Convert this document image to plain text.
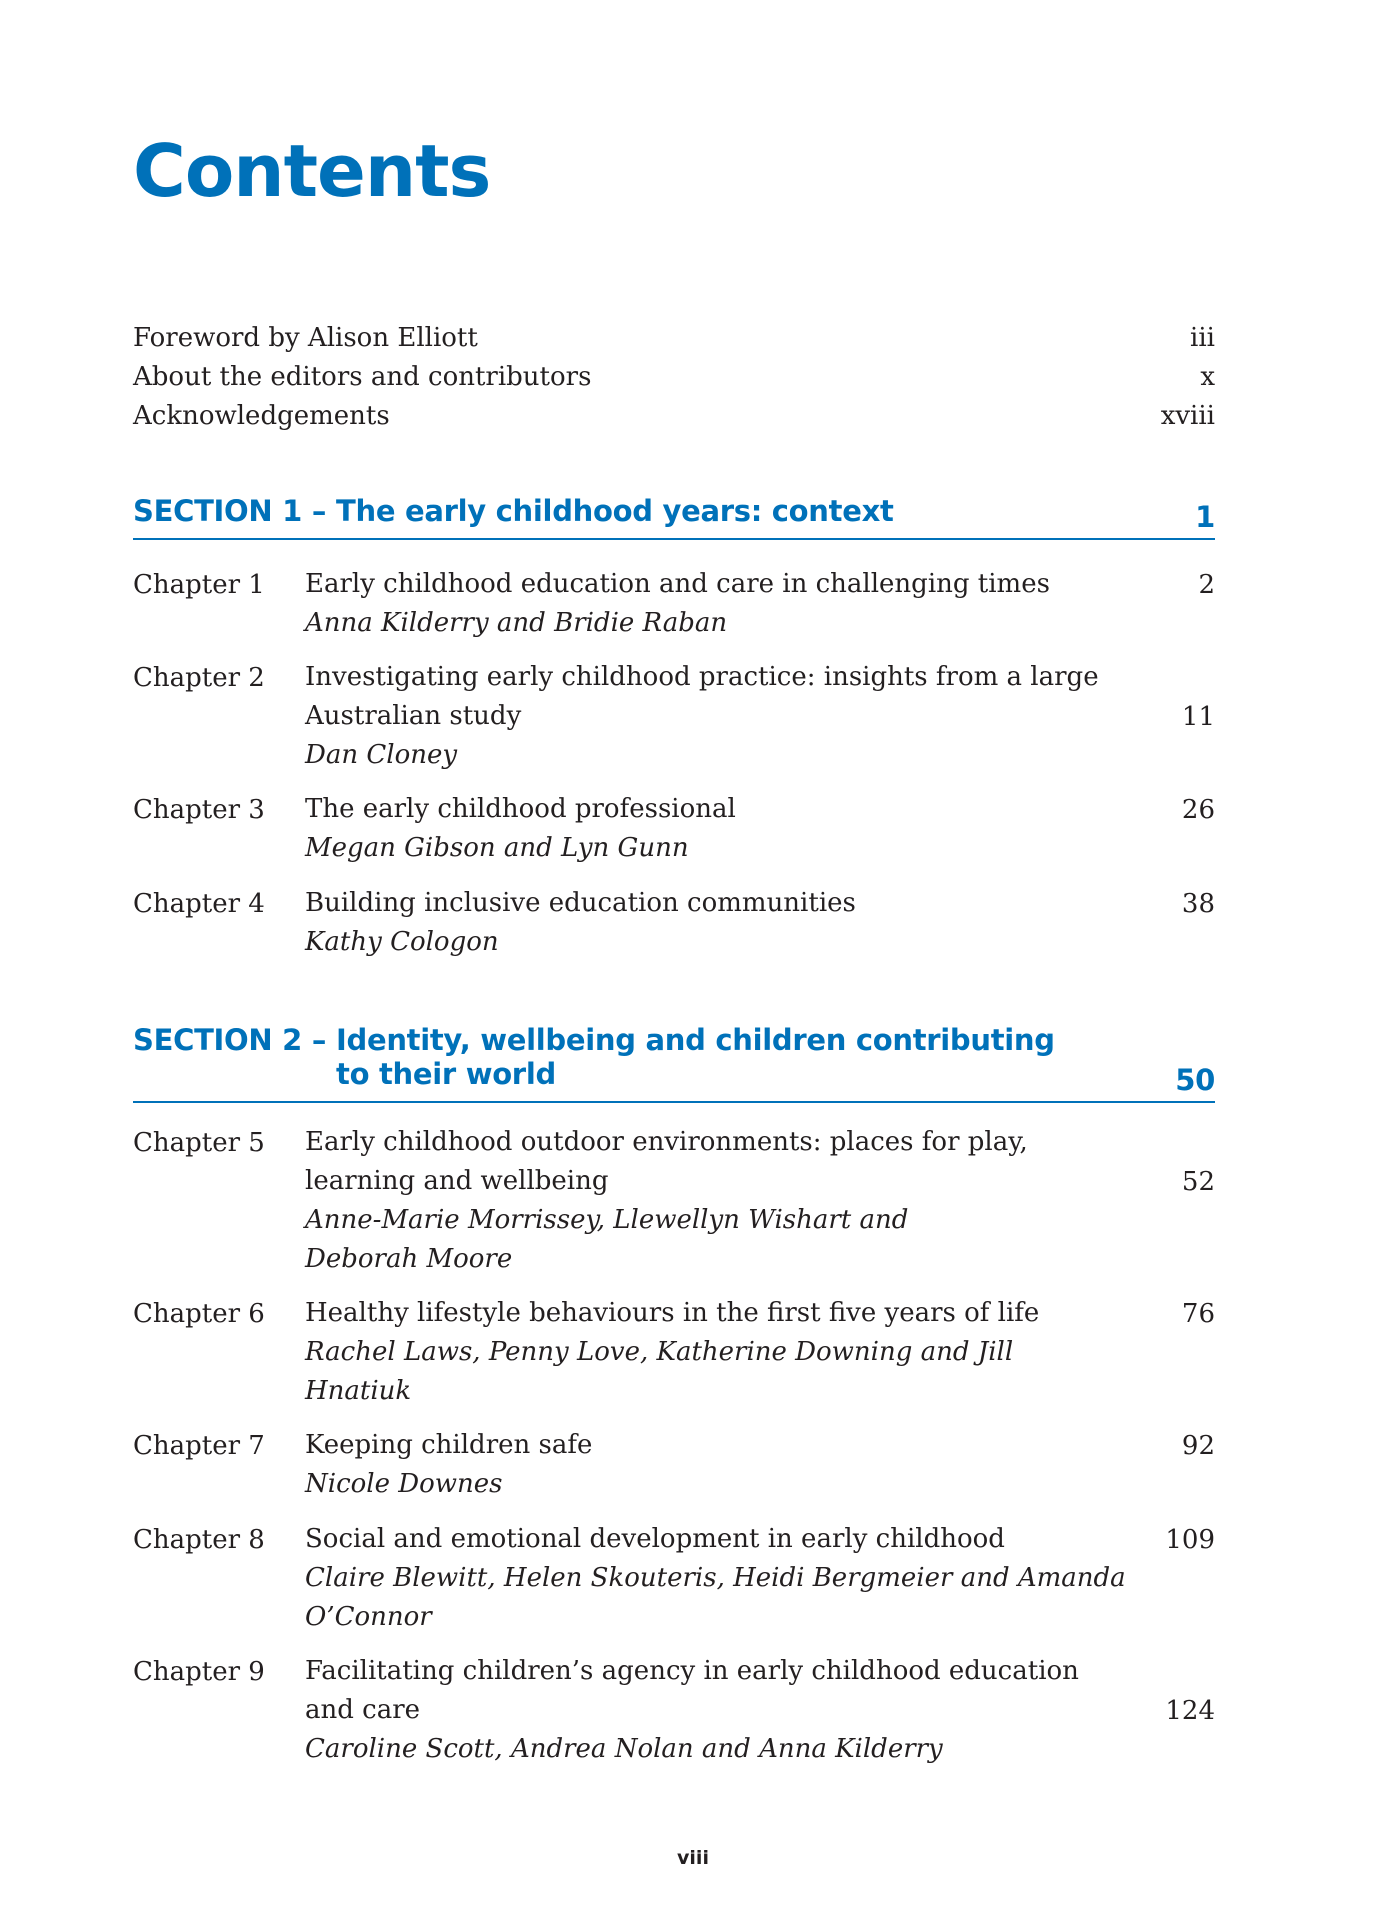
Contents
Foreword by Alison Elliott	iii
About the editors and contributors	x
Acknowledgements	xviii
SECTION 1 – The early childhood years: context	1
Chapter 1 Early childhood education and care in challenging times
Anna Kilderry and Bridie Raban
2
Chapter 2 Investigating early childhood practice: insights from a large
Australian study
Dan Cloney
11
Chapter 3 The early childhood professional
Megan Gibson and Lyn Gunn
26
Chapter 4 Building inclusive education communities
Kathy Cologon
38
SECTION 2 – Identity, wellbeing and children contributing
to their world	50
Chapter 5 Early childhood outdoor environments: places for play,
learning and wellbeing
Anne-Marie Morrissey, Llewellyn Wishart and
Deborah Moore
52
Chapter 6 Healthy lifestyle behaviours in the first five years of life
Rachel Laws, Penny Love, Katherine Downing and Jill
Hnatiuk
76
Chapter 7 Keeping children safe
Nicole Downes
92
Chapter 8 Social and emotional development in early childhood
Claire Blewitt, Helen Skouteris, Heidi Bergmeier and Amanda
O’Connor
109
Chapter 9 Facilitating children’s agency in early childhood education
and care
Caroline Scott, Andrea Nolan and Anna Kilderry
124
viii
